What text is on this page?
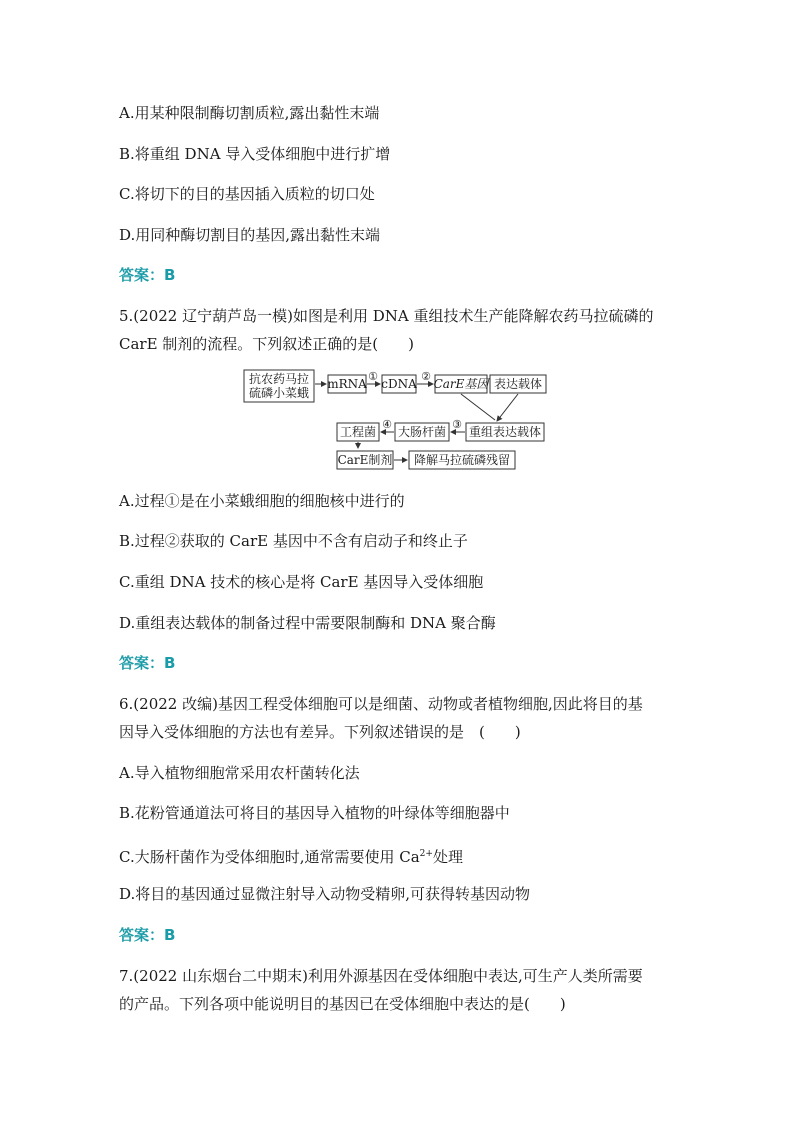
A.用某种限制酶切割质粒,露出黏性末端
B.将重组 DNA 导入受体细胞中进行扩增
C.将切下的目的基因插入质粒的切口处
D.用同种酶切割目的基因,露出黏性末端
答案：B
5.(2022 辽宁葫芦岛一模)如图是利用 DNA 重组技术生产能降解农药马拉硫磷的
CarE 制剂的流程。下列叙述正确的是(　　)
抗农药马拉
硫磷小菜蛾
mRNA
①
cDNA
②
CarE基因 表达载体
重组表达载体
③
大肠杆菌
④
工程菌
CarE制剂 降解马拉硫磷残留
A.过程①是在小菜蛾细胞的细胞核中进行的
B.过程②获取的 CarE 基因中不含有启动子和终止子
C.重组 DNA 技术的核心是将 CarE 基因导入受体细胞
D.重组表达载体的制备过程中需要限制酶和 DNA 聚合酶
答案：B
6.(2022 改编)基因工程受体细胞可以是细菌、动物或者植物细胞,因此将目的基
因导入受体细胞的方法也有差异。下列叙述错误的是　(　　)
A.导入植物细胞常采用农杆菌转化法
B.花粉管通道法可将目的基因导入植物的叶绿体等细胞器中
C.大肠杆菌作为受体细胞时,通常需要使用 $Ca^{2+}$处理
D.将目的基因通过显微注射导入动物受精卵,可获得转基因动物
答案：B
7.(2022 山东烟台二中期末)利用外源基因在受体细胞中表达,可生产人类所需要
的产品。下列各项中能说明目的基因已在受体细胞中表达的是(　　)
